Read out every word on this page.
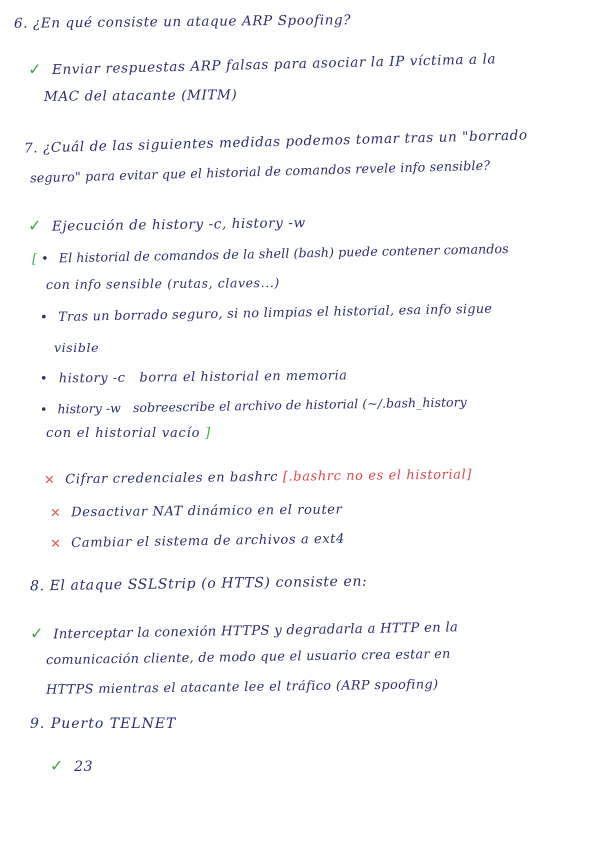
6. ¿En qué consiste un ataque ARP Spoofing?
✓ Enviar respuestas ARP falsas para asociar la IP víctima a la
MAC del atacante (MITM)
7. ¿Cuál de las siguientes medidas podemos tomar tras un "borrado
seguro" para evitar que el historial de comandos revele info sensible?
✓ Ejecución de history -c, history -w
[ • El historial de comandos de la shell (bash) puede contener comandos
con info sensible (rutas, claves...)
• Tras un borrado seguro, si no limpias el historial, esa info sigue
visible
• history -c   borra el historial en memoria
• history -w   sobreescribe el archivo de historial (~/.bash_history
con el historial vacío ]
× Cifrar credenciales en bashrc [.bashrc no es el historial]
× Desactivar NAT dinámico en el router
× Cambiar el sistema de archivos a ext4
8. El ataque SSLStrip (o HTTS) consiste en:
✓ Interceptar la conexión HTTPS y degradarla a HTTP en la
comunicación cliente, de modo que el usuario crea estar en
HTTPS mientras el atacante lee el tráfico (ARP spoofing)
9. Puerto TELNET
✓ 23
